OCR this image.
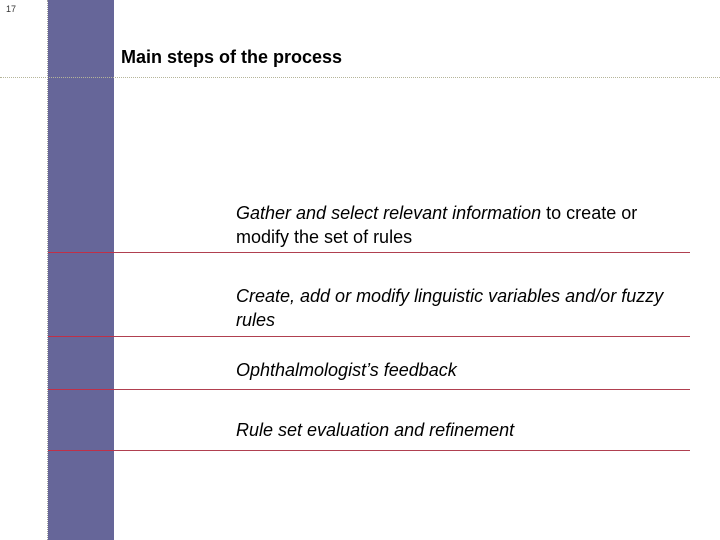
17
Main steps of the process
Gather and select relevant information to create or modify the set of rules
Create, add or modify linguistic variables and/or fuzzy rules
Ophthalmologist’s feedback
Rule set evaluation and refinement
